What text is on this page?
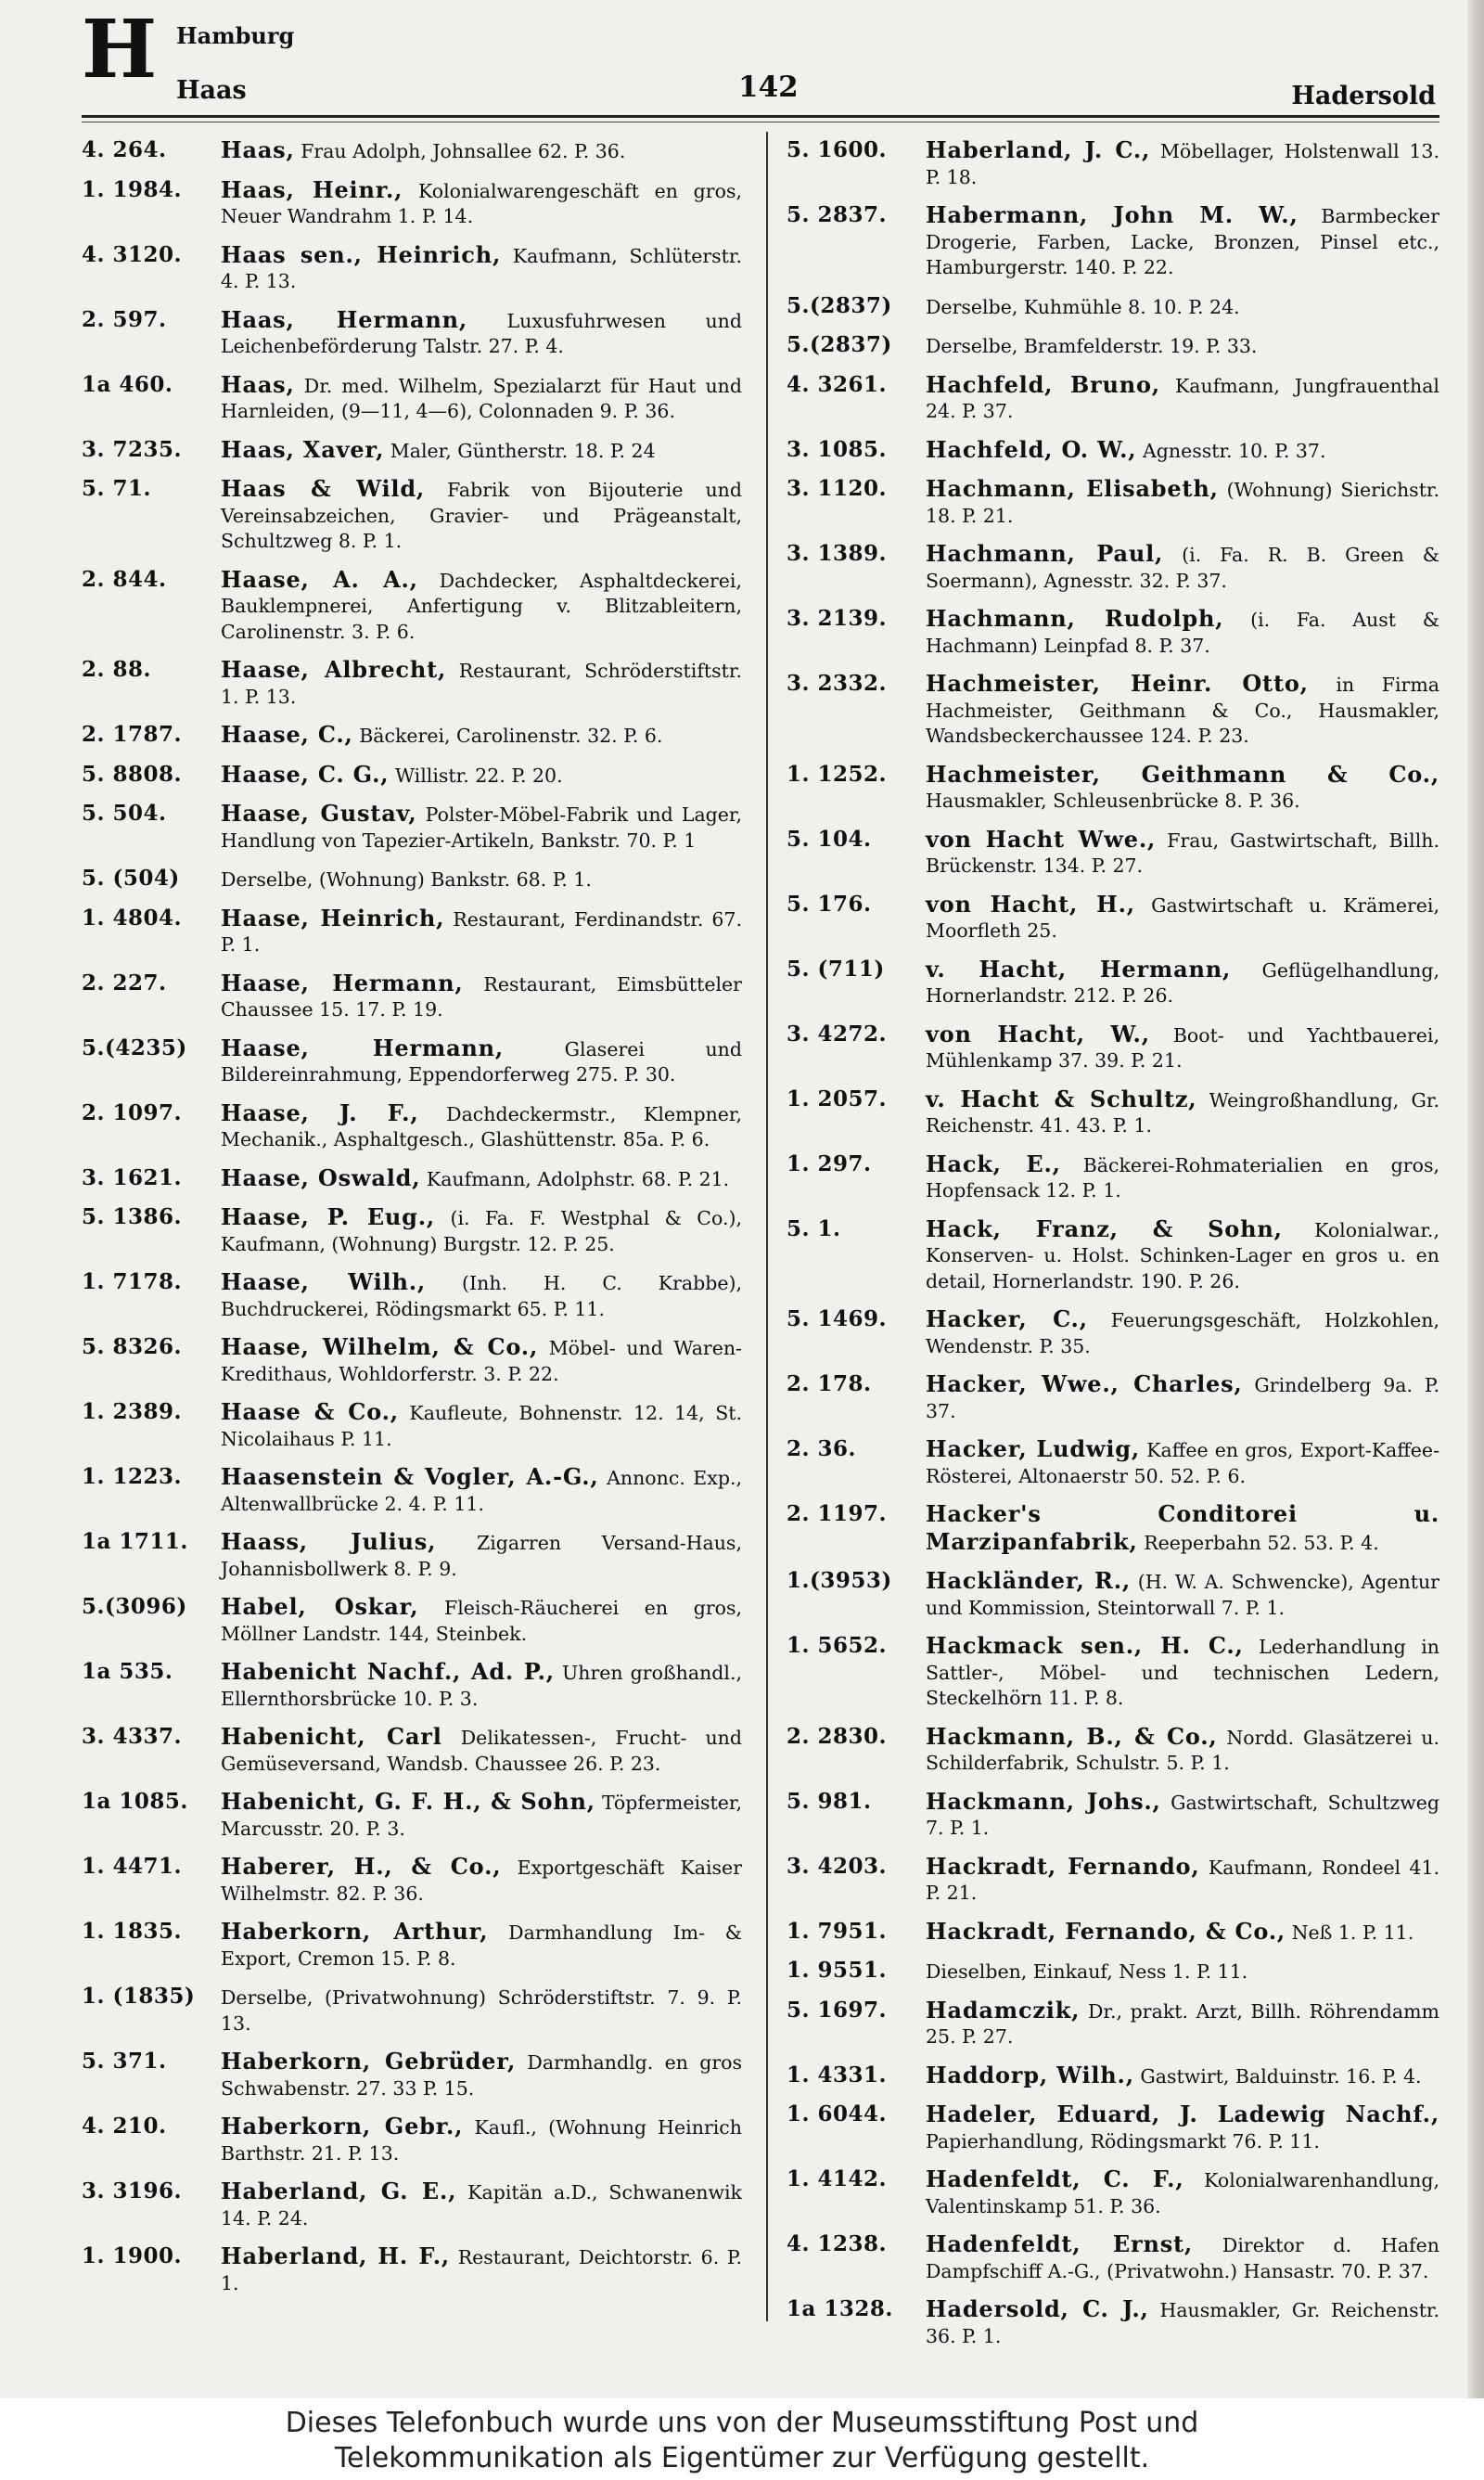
H Hamburg
Haas	142	Hadersold
4. 264.	Haas, Frau Adolph, Johnsallee 62. P. 36.
1. 1984.	Haas, Heinr., Kolonialwarengeschäft en gros, Neuer Wandrahm 1. P. 14.
4. 3120.	Haas sen., Heinrich, Kaufmann, Schlüterstr. 4. P. 13.
2. 597.	Haas, Hermann, Luxusfuhrwesen und Leichenbeförderung Talstr. 27. P. 4.
1a 460.	Haas, Dr. med. Wilhelm, Spezialarzt für Haut und Harnleiden, (9—11, 4—6), Colonnaden 9. P. 36.
3. 7235.	Haas, Xaver, Maler, Güntherstr. 18. P. 24
5. 71.	Haas & Wild, Fabrik von Bijouterie und Vereinsabzeichen, Gravier- und Prägeanstalt, Schultzweg 8. P. 1.
2. 844.	Haase, A. A., Dachdecker, Asphaltdeckerei, Bauklempnerei, Anfertigung v. Blitzableitern, Carolinenstr. 3. P. 6.
2. 88.	Haase, Albrecht, Restaurant, Schröderstiftstr. 1. P. 13.
2. 1787.	Haase, C., Bäckerei, Carolinenstr. 32. P. 6.
5. 8808.	Haase, C. G., Willistr. 22. P. 20.
5. 504.	Haase, Gustav, Polster-Möbel-Fabrik und Lager, Handlung von Tapezier-Artikeln, Bankstr. 70. P. 1
5. (504)	Derselbe, (Wohnung) Bankstr. 68. P. 1.
1. 4804.	Haase, Heinrich, Restaurant, Ferdinandstr. 67. P. 1.
2. 227.	Haase, Hermann, Restaurant, Eimsbütteler Chaussee 15. 17. P. 19.
5.(4235)	Haase, Hermann,	Glaserei und Bildereinrahmung, Eppendorferweg 275. P. 30.
2. 1097.	Haase, J. F., Dachdeckermstr., Klempner, Mechanik., Asphaltgesch., Glashüttenstr. 85a. P. 6.
3. 1621.	Haase, Oswald, Kaufmann, Adolphstr. 68. P. 21.
5. 1386.	Haase, P. Eug., (i. Fa. F. Westphal & Co.), Kaufmann, (Wohnung) Burgstr. 12. P. 25.
1. 7178.	Haase, Wilh., (Inh. H. C. Krabbe), Buchdruckerei, Rödingsmarkt 65. P. 11.
5. 8326.	Haase, Wilhelm, & Co., Möbel- und Waren-Kredithaus, Wohldorferstr. 3. P. 22.
1. 2389.	Haase & Co., Kaufleute, Bohnenstr. 12. 14, St. Nicolaihaus P. 11.
1. 1223.	Haasenstein & Vogler, A.-G., Annonc. Exp., Altenwallbrücke 2. 4. P. 11.
1a 1711.	Haass, Julius, Zigarren Versand-Haus, Johannisbollwerk 8. P. 9.
5.(3096)	Habel, Oskar, Fleisch-Räucherei en gros, Möllner Landstr. 144, Steinbek.
1a 535.	Habenicht Nachf., Ad. P., Uhren großhandl., Ellernthorsbrücke 10. P. 3.
3. 4337.	Habenicht, Carl Delikatessen-, Frucht- und Gemüseversand, Wandsb. Chaussee 26. P. 23.
1a 1085.	Habenicht, G. F. H., & Sohn, Töpfermeister, Marcusstr. 20. P. 3.
1. 4471.	Haberer, H., & Co., Exportgeschäft Kaiser Wilhelmstr. 82. P. 36.
1. 1835.	Haberkorn, Arthur, Darmhandlung Im- & Export, Cremon 15. P. 8.
1. (1835)	Derselbe, (Privatwohnung) Schröderstiftstr. 7. 9. P. 13.
5. 371.	Haberkorn, Gebrüder, Darmhandlg. en gros Schwabenstr. 27. 33 P. 15.
4. 210.	Haberkorn, Gebr., Kaufl., (Wohnung Heinrich Barthstr. 21. P. 13.
3. 3196.	Haberland, G. E., Kapitän a.D., Schwanenwik 14. P. 24.
1. 1900.	Haberland, H. F., Restaurant, Deichtorstr. 6. P. 1.
5. 1600.	Haberland, J. C., Möbellager, Holstenwall 13. P. 18.
5. 2837.	Habermann, John M. W., Barmbecker Drogerie, Farben, Lacke, Bronzen, Pinsel etc., Hamburgerstr. 140. P. 22.
5.(2837)	Derselbe, Kuhmühle 8. 10. P. 24.
5.(2837)	Derselbe, Bramfelderstr. 19. P. 33.
4. 3261.	Hachfeld, Bruno, Kaufmann, Jungfrauenthal 24. P. 37.
3. 1085.	Hachfeld, O. W., Agnesstr. 10. P. 37.
3. 1120.	Hachmann, Elisabeth, (Wohnung) Sierichstr. 18. P. 21.
3. 1389.	Hachmann, Paul, (i. Fa. R. B. Green & Soermann), Agnesstr. 32. P. 37.
3. 2139.	Hachmann, Rudolph, (i. Fa. Aust & Hachmann) Leinpfad 8. P. 37.
3. 2332.	Hachmeister, Heinr. Otto, in Firma Hachmeister, Geithmann & Co., Hausmakler, Wandsbeckerchaussee 124. P. 23.
1. 1252.	Hachmeister, Geithmann & Co., Hausmakler, Schleusenbrücke 8. P. 36.
5. 104.	von Hacht Wwe., Frau, Gastwirtschaft, Billh. Brückenstr. 134. P. 27.
5. 176.	von Hacht, H., Gastwirtschaft u. Krämerei, Moorfleth 25.
5. (711)	v. Hacht, Hermann, Geflügelhandlung, Hornerlandstr. 212. P. 26.
3. 4272.	von Hacht, W., Boot- und Yachtbauerei, Mühlenkamp 37. 39. P. 21.
1. 2057.	v. Hacht & Schultz, Weingroßhandlung, Gr. Reichenstr. 41. 43. P. 1.
1. 297.	Hack, E., Bäckerei-Rohmaterialien en gros, Hopfensack 12. P. 1.
5. 1.	Hack, Franz, & Sohn, Kolonialwar., Konserven- u. Holst. Schinken-Lager en gros u. en detail, Hornerlandstr. 190. P. 26.
5. 1469.	Hacker, C., Feuerungsgeschäft, Holzkohlen, Wendenstr. P. 35.
2. 178.	Hacker, Wwe., Charles, Grindelberg 9a. P. 37.
2. 36.	Hacker, Ludwig, Kaffee en gros, Export-Kaffee-Rösterei, Altonaerstr 50. 52. P. 6.
2. 1197.	Hacker's Conditorei u. Marzipanfabrik, Reeperbahn 52. 53. P. 4.
1.(3953)	Hackländer, R., (H. W. A. Schwencke), Agentur und Kommission, Steintorwall 7. P. 1.
1. 5652.	Hackmack sen., H. C., Lederhandlung in Sattler-, Möbel- und technischen Ledern, Steckelhörn 11. P. 8.
2. 2830.	Hackmann, B., & Co., Nordd. Glasätzerei u. Schilderfabrik, Schulstr. 5. P. 1.
5. 981.	Hackmann, Johs., Gastwirtschaft, Schultzweg 7. P. 1.
3. 4203.	Hackradt, Fernando, Kaufmann, Rondeel 41. P. 21.
1. 7951.	Hackradt, Fernando, & Co., Neß 1. P. 11.
1. 9551.	Dieselben, Einkauf, Ness 1. P. 11.
5. 1697.	Hadamczik, Dr., prakt. Arzt, Billh. Röhrendamm 25. P. 27.
1. 4331.	Haddorp, Wilh., Gastwirt, Balduinstr. 16. P. 4.
1. 6044.	Hadeler, Eduard, J. Ladewig Nachf., Papierhandlung, Rödingsmarkt 76. P. 11.
1. 4142.	Hadenfeldt, C. F., Kolonialwarenhandlung, Valentinskamp 51. P. 36.
4. 1238.	Hadenfeldt, Ernst, Direktor d. Hafen Dampfschiff A.-G., (Privatwohn.) Hansastr. 70. P. 37.
1a 1328.	Hadersold, C. J., Hausmakler, Gr. Reichenstr. 36. P. 1.
Dieses Telefonbuch wurde uns von der Museumsstiftung Post und
Telekommunikation als Eigentümer zur Verfügung gestellt.
